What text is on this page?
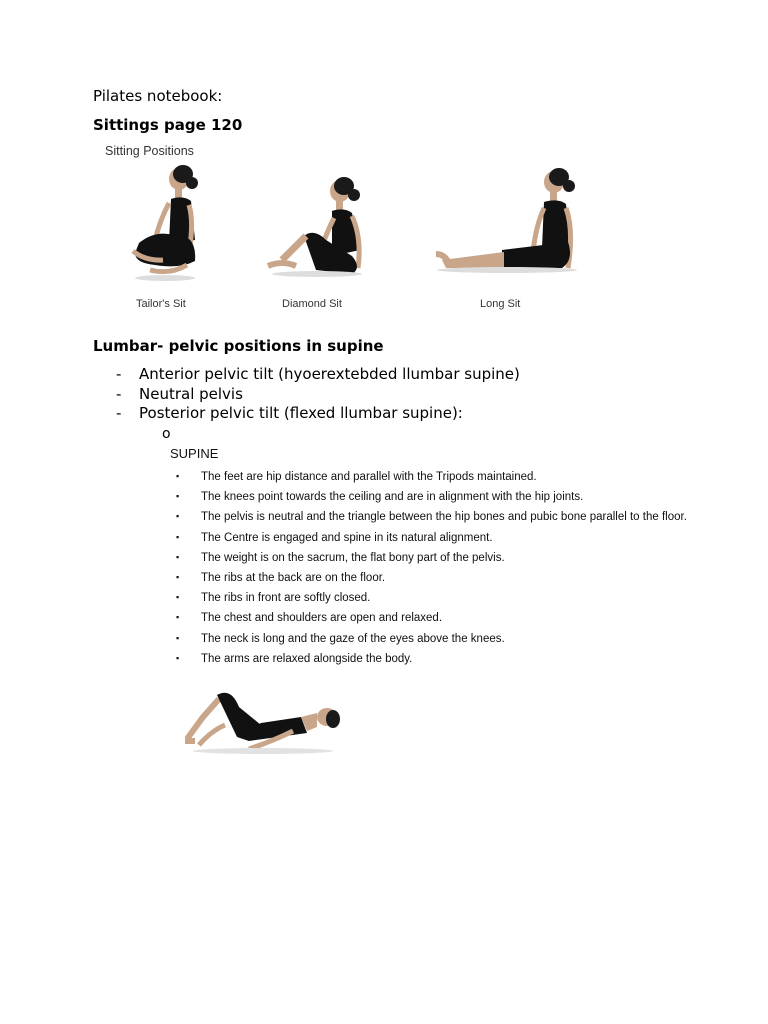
Pilates notebook:
Sittings page 120
Sitting Positions
Tailor's Sit	Diamond Sit	Long Sit
Lumbar- pelvic positions in supine
- Anterior pelvic tilt (hyoerextebded llumbar supine)
- Neutral pelvis
- Posterior pelvic tilt (flexed llumbar supine):
o
SUPINE
▪ The feet are hip distance and parallel with the Tripods maintained.
▪ The knees point towards the ceiling and are in alignment with the hip joints.
▪ The pelvis is neutral and the triangle between the hip bones and pubic bone parallel to the floor.
▪ The Centre is engaged and spine in its natural alignment.
▪ The weight is on the sacrum, the flat bony part of the pelvis.
▪ The ribs at the back are on the floor.
▪ The ribs in front are softly closed.
▪ The chest and shoulders are open and relaxed.
▪ The neck is long and the gaze of the eyes above the knees.
▪ The arms are relaxed alongside the body.
